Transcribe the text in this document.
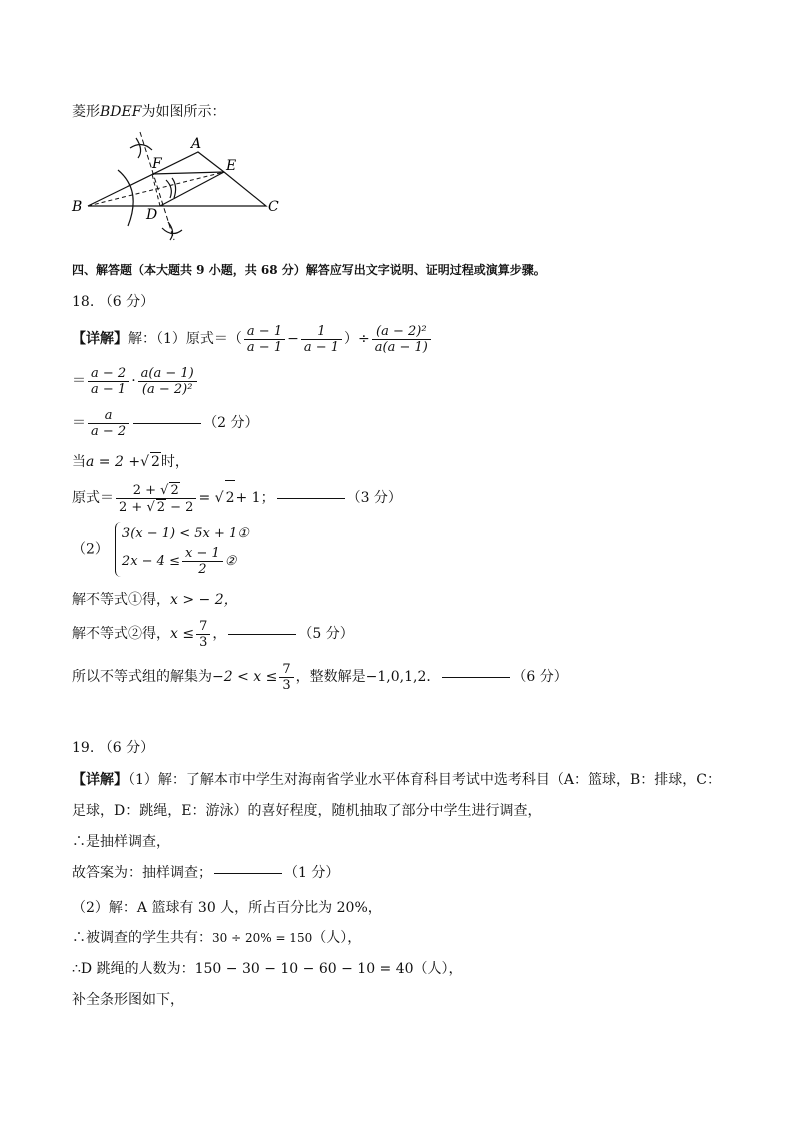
菱形BDEF为如图所示：
A
B	C
D
E
F
四、解答题（本大题共 9 小题，共 68 分）解答应写出文字说明、证明过程或演算步骤。
18. （6 分）
【详解】解：（1）原式＝（ $\frac{a - 1}{a - 1} - \frac{1}{a - 1}$ ）÷ $\frac{\text{(a − 2)²}}{a(a - 1)}$
＝ $\frac{a - 2}{a - 1} \cdot \frac{a(a - 1)}{\text{(a − 2)²}}$
＝ $\frac{a}{a - 2}$	（2 分）
当a = 2 +√ 2时，
原式＝ $\frac{2 + √ 2}{2 + √ 2 - 2}$ = √ 2+ 1；	（3 分）
（2）
3(x − 1) < 5x + 1①
$2x - 4 \le \frac{x - 1}{2}$ ②
解不等式①得，x > − 2，
解不等式②得，$x \le \frac{7}{3}$ ，	（5 分）
所以不等式组的解集为$-2 < x \le \frac{7}{3}$ ，整数解是−1,0,1,2．	（6 分）
19. （6 分）
【详解】（1）解：了解本市中学生对海南省学业水平体育科目考试中选考科目（A：篮球，B：排球，C：
足球，D：跳绳，E：游泳）的喜好程度，随机抽取了部分中学生进行调查，
∴是抽样调查，
故答案为：抽样调查；	（1 分）
（2）解：A 篮球有 30 人，所占百分比为 20%，
∴被调查的学生共有：30 ÷ 20% = 150（人），
∴D 跳绳的人数为：150 − 30 − 10 − 60 − 10 = 40（人），
补全条形图如下，
